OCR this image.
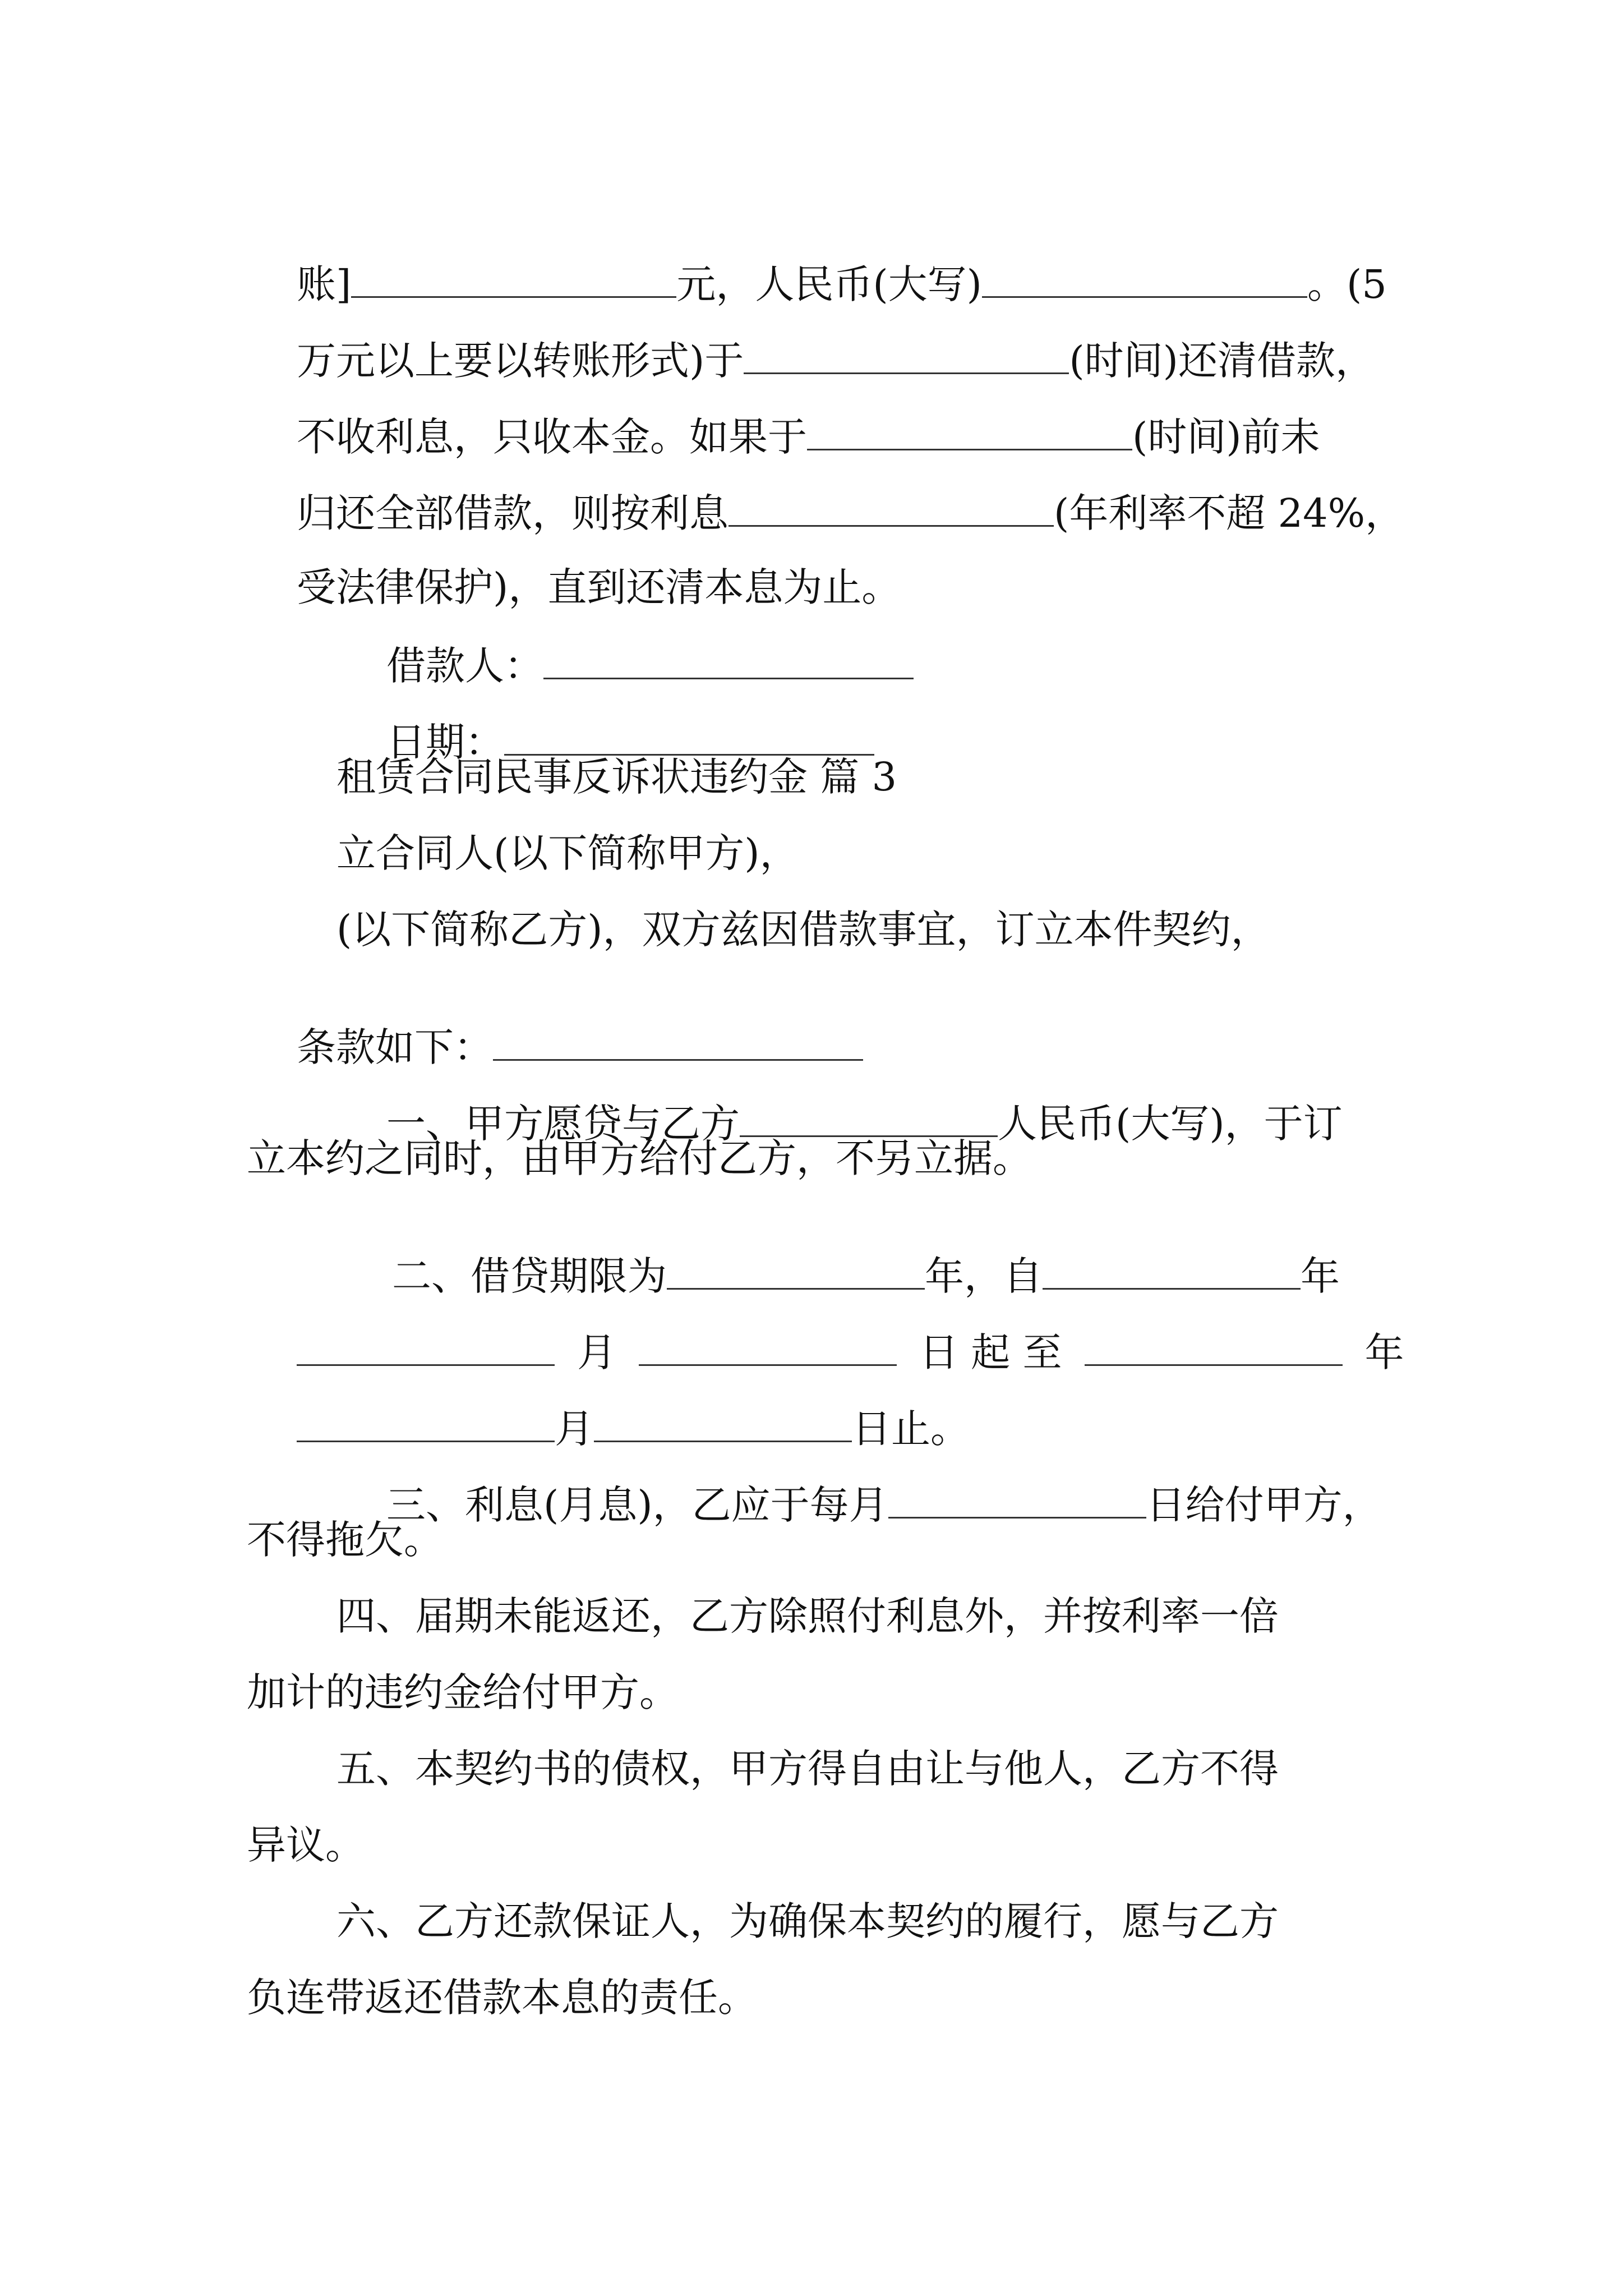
账]	元，人民币(大写)	。(5

万元以上要以转账形式)于	(时间)还清借款，

不收利息，只收本金。如果于	(时间)前未

归还全部借款，则按利息	(年利率不超 24%，

受法律保护)，直到还清本息为止。

借款人：

日期：

租赁合同民事反诉状违约金 篇 3
立合同人(以下简称甲方)，
(以下简称乙方)，双方兹因借款事宜，订立本件契约，

条款如下：

一、甲方愿贷与乙方	人民币(大写)，于订

立本约之同时，由甲方给付乙方，不另立据。

二、借贷期限为	年，自	年

月	日 起 至	年

月	日止。

三、利息(月息)，乙应于每月	日给付甲方，

不得拖欠。
四、届期未能返还，乙方除照付利息外，并按利率一倍
加计的违约金给付甲方。
五、本契约书的债权，甲方得自由让与他人，乙方不得
异议。
六、乙方还款保证人，为确保本契约的履行，愿与乙方
负连带返还借款本息的责任。
